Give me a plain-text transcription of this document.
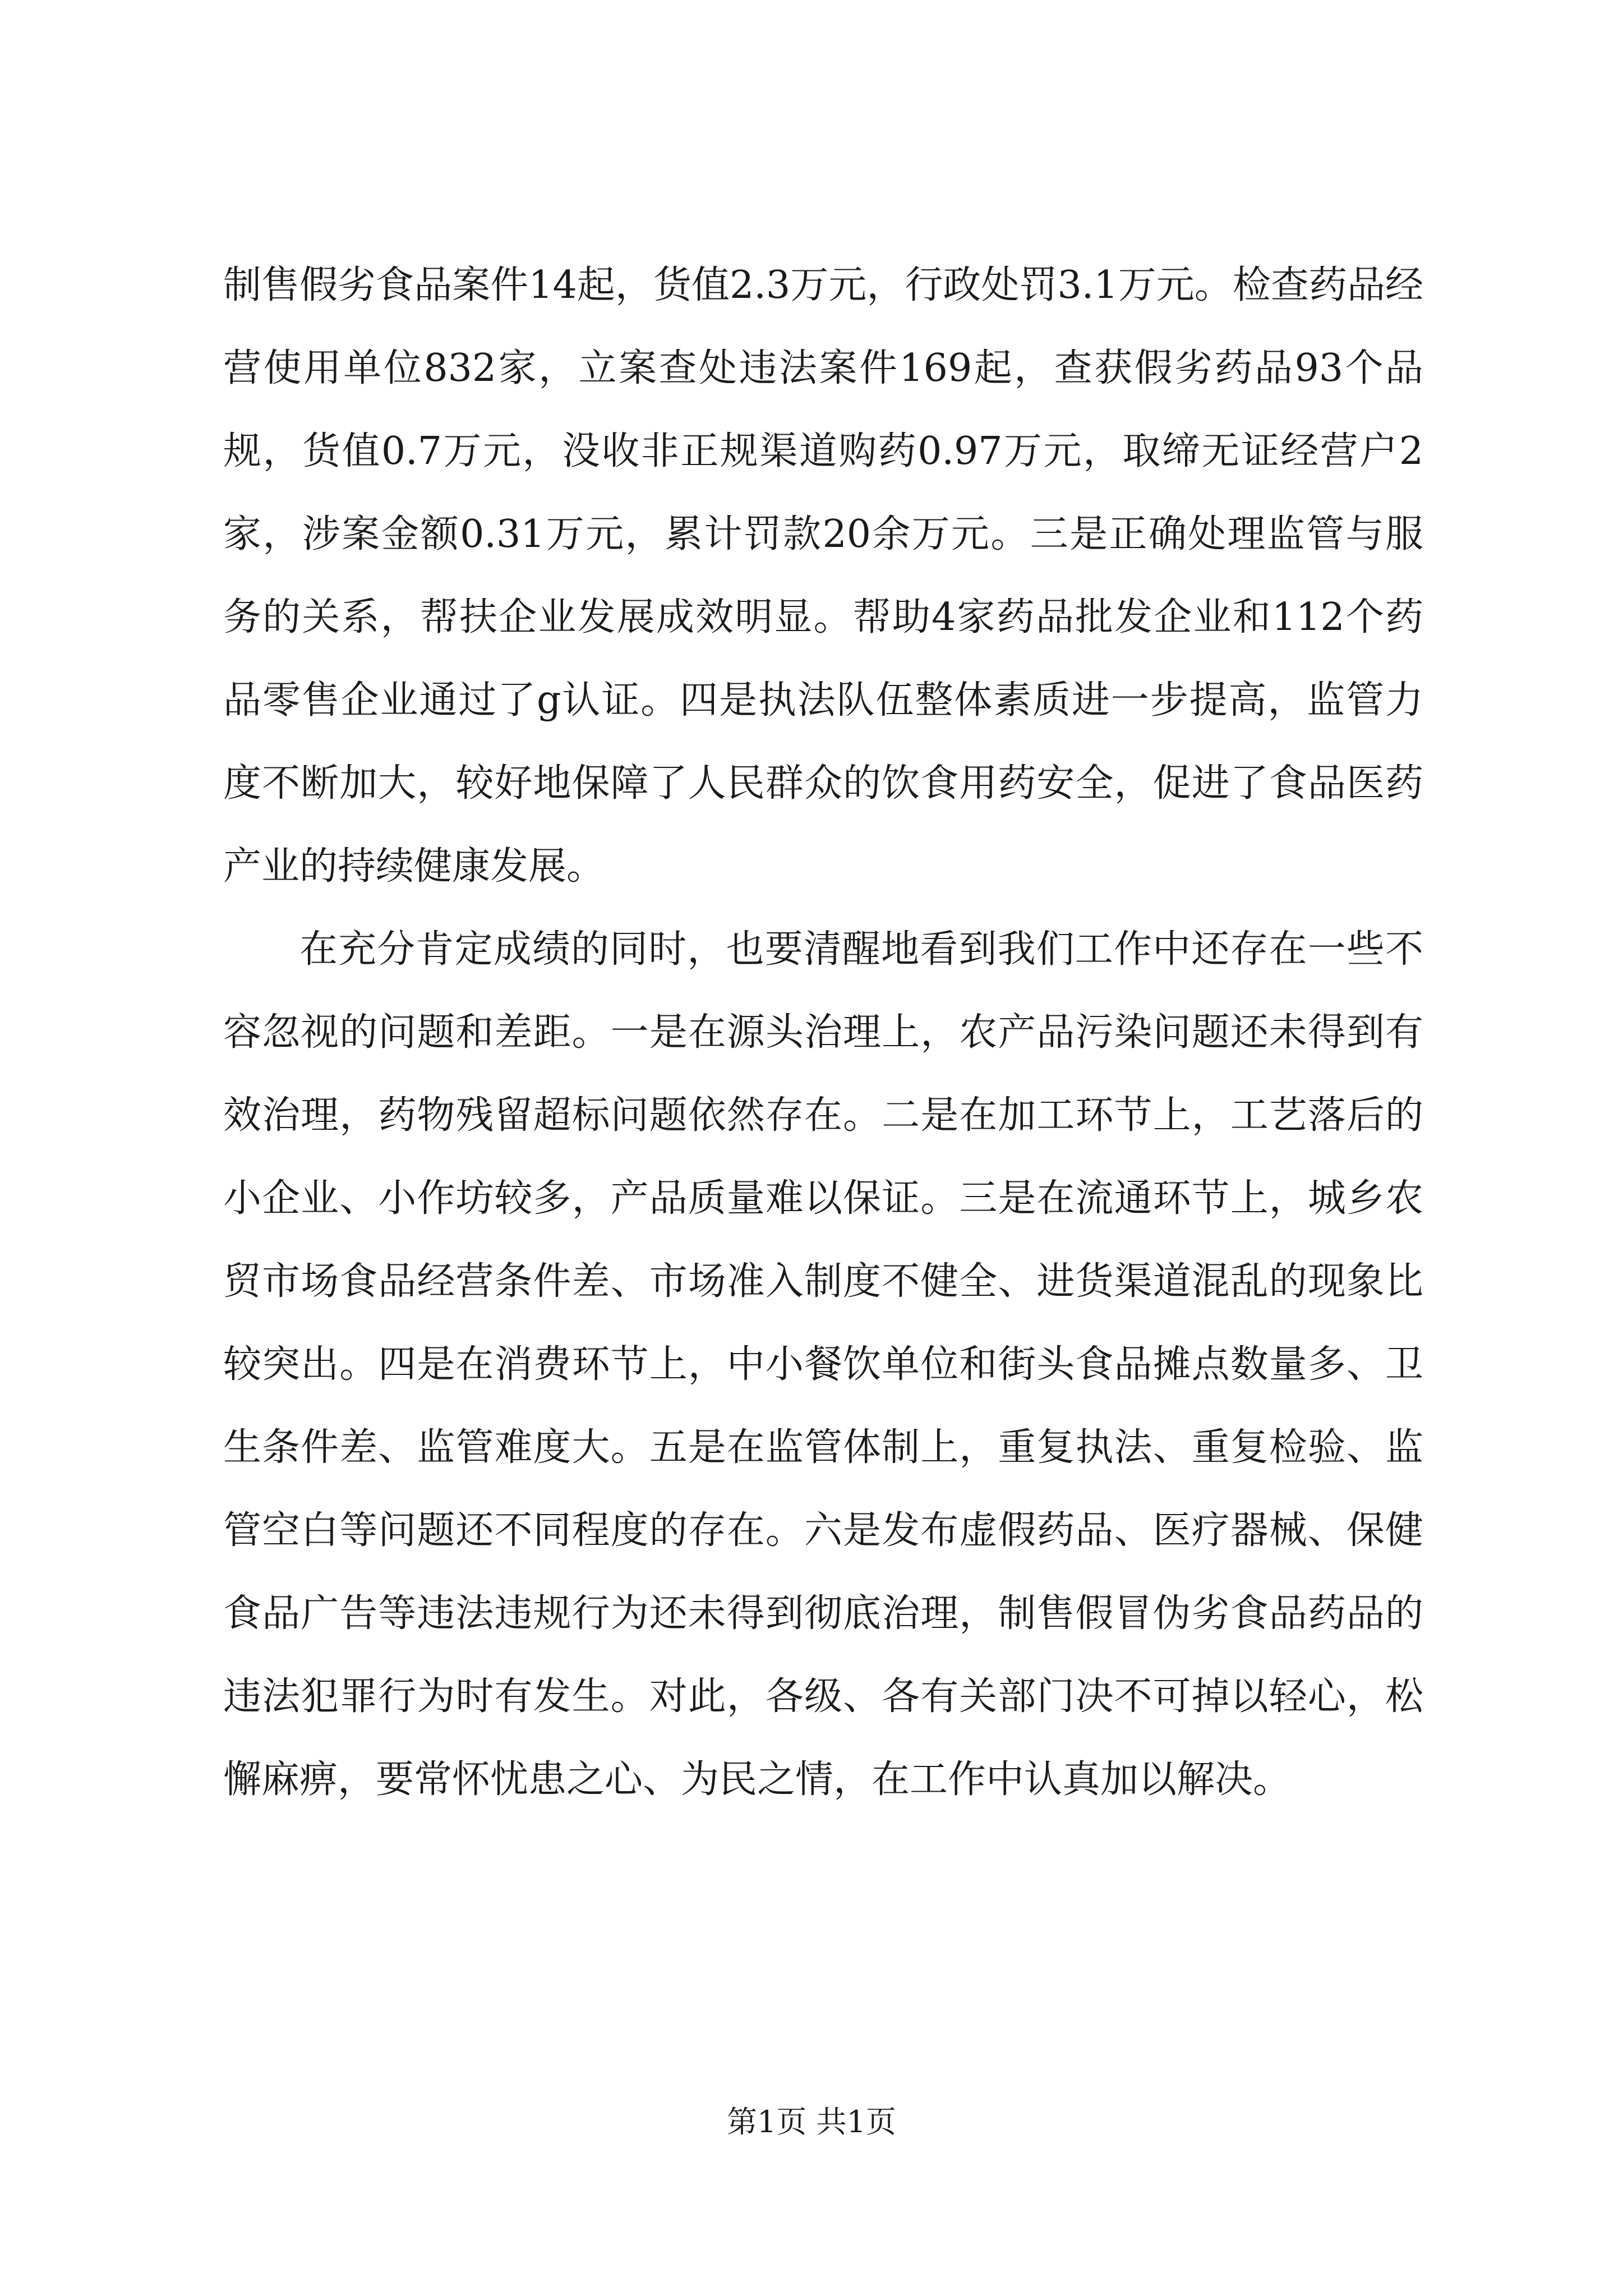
制售假劣食品案件14起，货值2.3万元，行政处罚3.1万元。检查药品经营使用单位832家，立案查处违法案件169起，查获假劣药品93个品规，货值0.7万元，没收非正规渠道购药0.97万元，取缔无证经营户2家，涉案金额0.31万元，累计罚款20余万元。三是正确处理监管与服务的关系，帮扶企业发展成效明显。帮助4家药品批发企业和112个药品零售企业通过了g认证。四是执法队伍整体素质进一步提高，监管力度不断加大，较好地保障了人民群众的饮食用药安全，促进了食品医药产业的持续健康发展。

在充分肯定成绩的同时，也要清醒地看到我们工作中还存在一些不容忽视的问题和差距。一是在源头治理上，农产品污染问题还未得到有效治理，药物残留超标问题依然存在。二是在加工环节上，工艺落后的小企业、小作坊较多，产品质量难以保证。三是在流通环节上，城乡农贸市场食品经营条件差、市场准入制度不健全、进货渠道混乱的现象比较突出。四是在消费环节上，中小餐饮单位和街头食品摊点数量多、卫生条件差、监管难度大。五是在监管体制上，重复执法、重复检验、监管空白等问题还不同程度的存在。六是发布虚假药品、医疗器械、保健食品广告等违法违规行为还未得到彻底治理，制售假冒伪劣食品药品的违法犯罪行为时有发生。对此，各级、各有关部门决不可掉以轻心，松懈麻痹，要常怀忧患之心、为民之情，在工作中认真加以解决。

第1页 共1页
